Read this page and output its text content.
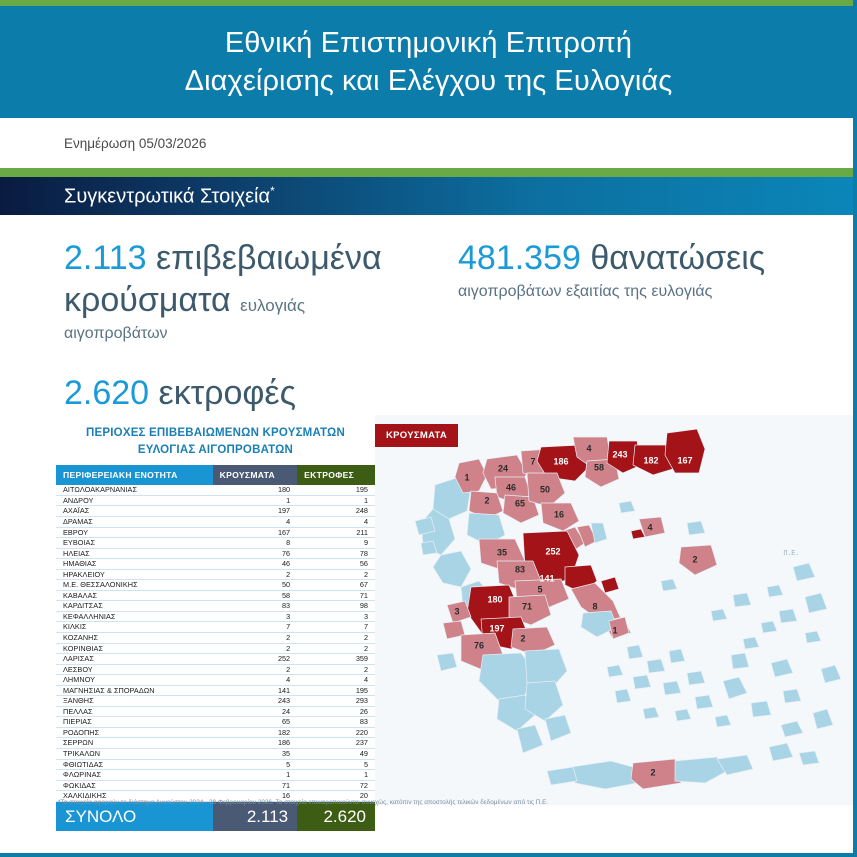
Εθνική Επιστημονική Επιτροπή
Διαχείρισης και Ελέγχου της Ευλογιάς
Ενημέρωση 05/03/2026
Συγκεντρωτικά Στοιχεία*
2.113 επιβεβαιωμένα κρούσματα ευλογιάς
αιγοπροβάτων
2.620 εκτροφές
481.359 θανατώσεις
αιγοπροβάτων εξαιτίας της ευλογιάς
ΠΕΡΙΟΧΕΣ ΕΠΙΒΕΒΑΙΩΜΕΝΩΝ ΚΡΟΥΣΜΑΤΩΝ
ΕΥΛΟΓΙΑΣ ΑΙΓΟΠΡΟΒΑΤΩΝ
ΠΕΡΙΦΕΡΕΙΑΚΗ ΕΝΟΤΗΤΑ	ΚΡΟΥΣΜΑΤΑ	ΕΚΤΡΟΦΕΣ
ΑΙΤΩΛΟΑΚΑΡΝΑΝΙΑΣ	180	195
ΑΝΔΡΟΥ	1	1
ΑΧΑΪΑΣ	197	248
ΔΡΑΜΑΣ	4	4
ΕΒΡΟΥ	167	211
ΕΥΒΟΙΑΣ	8	9
ΗΛΕΙΑΣ	76	78
ΗΜΑΘΙΑΣ	46	56
ΗΡΑΚΛΕΙΟΥ	2	2
Μ.Ε. ΘΕΣΣΑΛΟΝΙΚΗΣ	50	67
ΚΑΒΑΛΑΣ	58	71
ΚΑΡΔΙΤΣΑΣ	83	98
ΚΕΦΑΛΛΗΝΙΑΣ	3	3
ΚΙΛΚΙΣ	7	7
ΚΟΖΑΝΗΣ	2	2
ΚΟΡΙΝΘΙΑΣ	2	2
ΛΑΡΙΣΑΣ	252	359
ΛΕΣΒΟΥ	2	2
ΛΗΜΝΟΥ	4	4
ΜΑΓΝΗΣΙΑΣ & ΣΠΟΡΑΔΩΝ	141	195
ΞΑΝΘΗΣ	243	293
ΠΕΛΛΑΣ	24	26
ΠΙΕΡΙΑΣ	65	83
ΡΟΔΟΠΗΣ	182	220
ΣΕΡΡΩΝ	186	237
ΤΡΙΚΑΛΩΝ	35	49
ΦΘΙΩΤΙΔΑΣ	5	5
ΦΛΩΡΙΝΑΣ	1	1
ΦΩΚΙΔΑΣ	71	72
ΧΑΛΚΙΔΙΚΗΣ	16	20
ΣΥΝΟΛΟ	2.113	2.620
1
24
7
46
2	65
186
4
58
243
182 167
50
16
4
2
35	252
83
141
5
180
71	8
3
197
76
2
1
2
ΚΡΟΥΣΜΑΤΑ
Π.Ε.
*Τα στοιχεία αφορούν το διάστημα Αυγούστου 2024 - 28 Φεβρουαρίου 2026. Τα στοιχεία επικαιροποιούνται συνεχώς, κατόπιν της αποστολής τελικών δεδομένων από τις Π.Ε.
